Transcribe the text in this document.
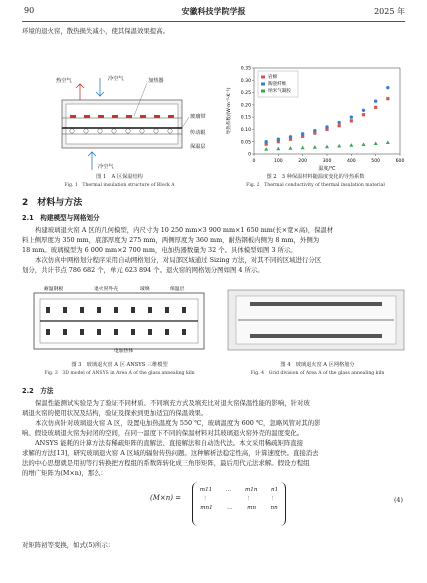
90	安徽科技学院学报	2025 年
环境的退火窑，散热损失减小，使其保温效果提高。
热空气	冷空气	加热器
玻璃带
传动辊
保温层
冷空气
图 1　A 区保温结构
Fig. 1　Thermal insulation structure of Block A
0	100	200	300	400	500	600
0
0.05
0.10
0.15
0.20
0.25
0.30
0.35
岩棉
陶瓷纤维
纳米气凝胶
温度/℃
导热系数/(W·m⁻¹·K⁻¹)
图 2　3 种保温材料随温度变化的导热系数
Fig. 2　Thermal conductivity of thermal insulation material
2　材料与方法
2.1　构建模型与网格划分
构建玻璃退火窑 A 区的几何模型，内尺寸为 10 250 mm×3 900 mm×1 650 mm(长×宽×高)，保温材
料上侧厚度为 350 mm，底部厚度为 275 mm，两侧厚度为 360 mm，耐热钢板内侧为 8 mm，外侧为
18 mm。玻璃模型为 6 000 mm×2 700 mm，电加热器数量为 32 个。具体模型如图 3 所示。
本次仿真中网格划分程序采用自动网格划分，对局部区域通过 Sizing 方法，对其不同的区域进行分区
划分，共计节点 786 682 个，单元 623 894 个。退火窑的网格划分图如图 4 所示。
耐温钢板	退火窑外壳	玻璃	保温层
电加热体
图 3　玻璃退火窑 A 区 ANSYS 三维模型
Fig. 3　3D model of ANSYS in Area A of the glass annealing kiln
图 4　玻璃退火窑 A 区网格划分
Fig. 4　Grid division of Area A of the glass annealing kiln
2.2　方法
保温性能测试实验是为了验证不同材质、不同填充方式及填充比对退火窑保温性能的影响，针对玻
璃退火窑的使用状况及结构，验证及探索到更加适宜的保温效果。
本次仿真针对玻璃退火窑 A 区，设置电加热温度为 550 ℃，玻璃温度为 600 ℃，忽略风管对其的影
响。假设玻璃退火窑为封闭的空间，在同一温度下不同的保温材料对其玻璃退火窑外壳的温度变化。
ANSYS 能耗的计算方法有稀疏矩阵的直解法、直接解法和自动迭代法。本文采用稀疏矩阵直接
求解的方法[13]，研究玻璃退火窑 A 区域的辐射传热问题。这种解析法稳定性高，计算速度快。直接消去
法的中心思想就是用初等行转换把方程组的系数阵转化成三角形矩阵，最后用代元法求解。假设方程组
的增广矩阵为(M×n)，那么：
(M×n) =
m11 … m1n n1
⋮	⋮	⋮
mn1	…	mn	nn
(4)
对矩阵初等变换，如式(5)所示：
